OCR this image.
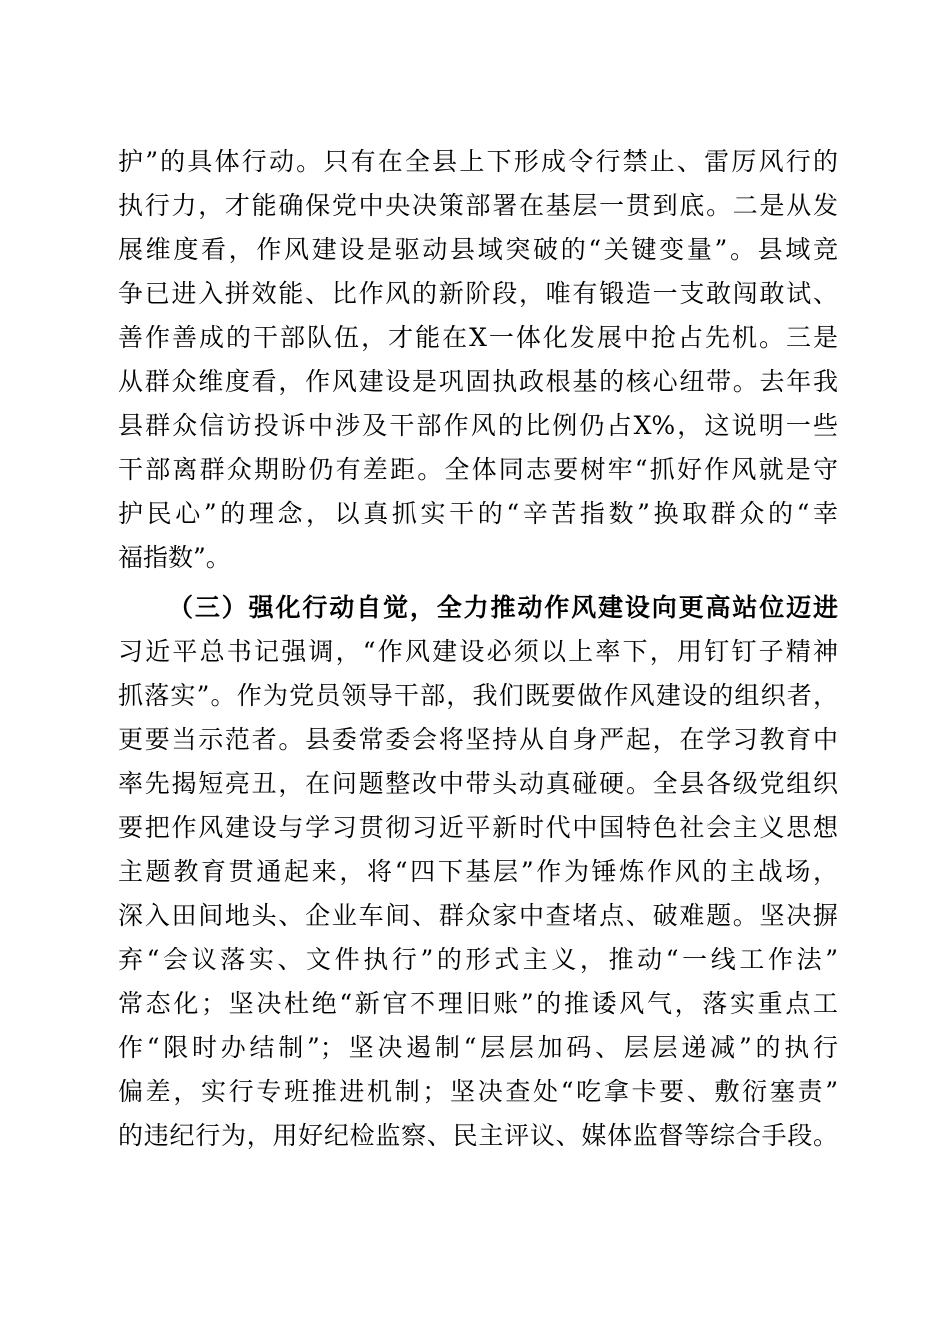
护”的具体行动。只有在全县上下形成令行禁止、雷厉风行的
执行力，才能确保党中央决策部署在基层一贯到底。二是从发
展维度看，作风建设是驱动县域突破的“关键变量”。县域竞
争已进入拼效能、比作风的新阶段，唯有锻造一支敢闯敢试、
善作善成的干部队伍，才能在X一体化发展中抢占先机。三是
从群众维度看，作风建设是巩固执政根基的核心纽带。去年我
县群众信访投诉中涉及干部作风的比例仍占X%，这说明一些
干部离群众期盼仍有差距。全体同志要树牢“抓好作风就是守
护民心”的理念，以真抓实干的“辛苦指数”换取群众的“幸
福指数”。
（三）强化行动自觉，全力推动作风建设向更高站位迈进
习近平总书记强调，“作风建设必须以上率下，用钉钉子精神
抓落实”。作为党员领导干部，我们既要做作风建设的组织者，
更要当示范者。县委常委会将坚持从自身严起，在学习教育中
率先揭短亮丑，在问题整改中带头动真碰硬。全县各级党组织
要把作风建设与学习贯彻习近平新时代中国特色社会主义思想
主题教育贯通起来，将“四下基层”作为锤炼作风的主战场，
深入田间地头、企业车间、群众家中查堵点、破难题。坚决摒
弃“会议落实、文件执行”的形式主义，推动“一线工作法”
常态化；坚决杜绝“新官不理旧账”的推诿风气，落实重点工
作“限时办结制”；坚决遏制“层层加码、层层递减”的执行
偏差，实行专班推进机制；坚决查处“吃拿卡要、敷衍塞责”
的违纪行为，用好纪检监察、民主评议、媒体监督等综合手段。
